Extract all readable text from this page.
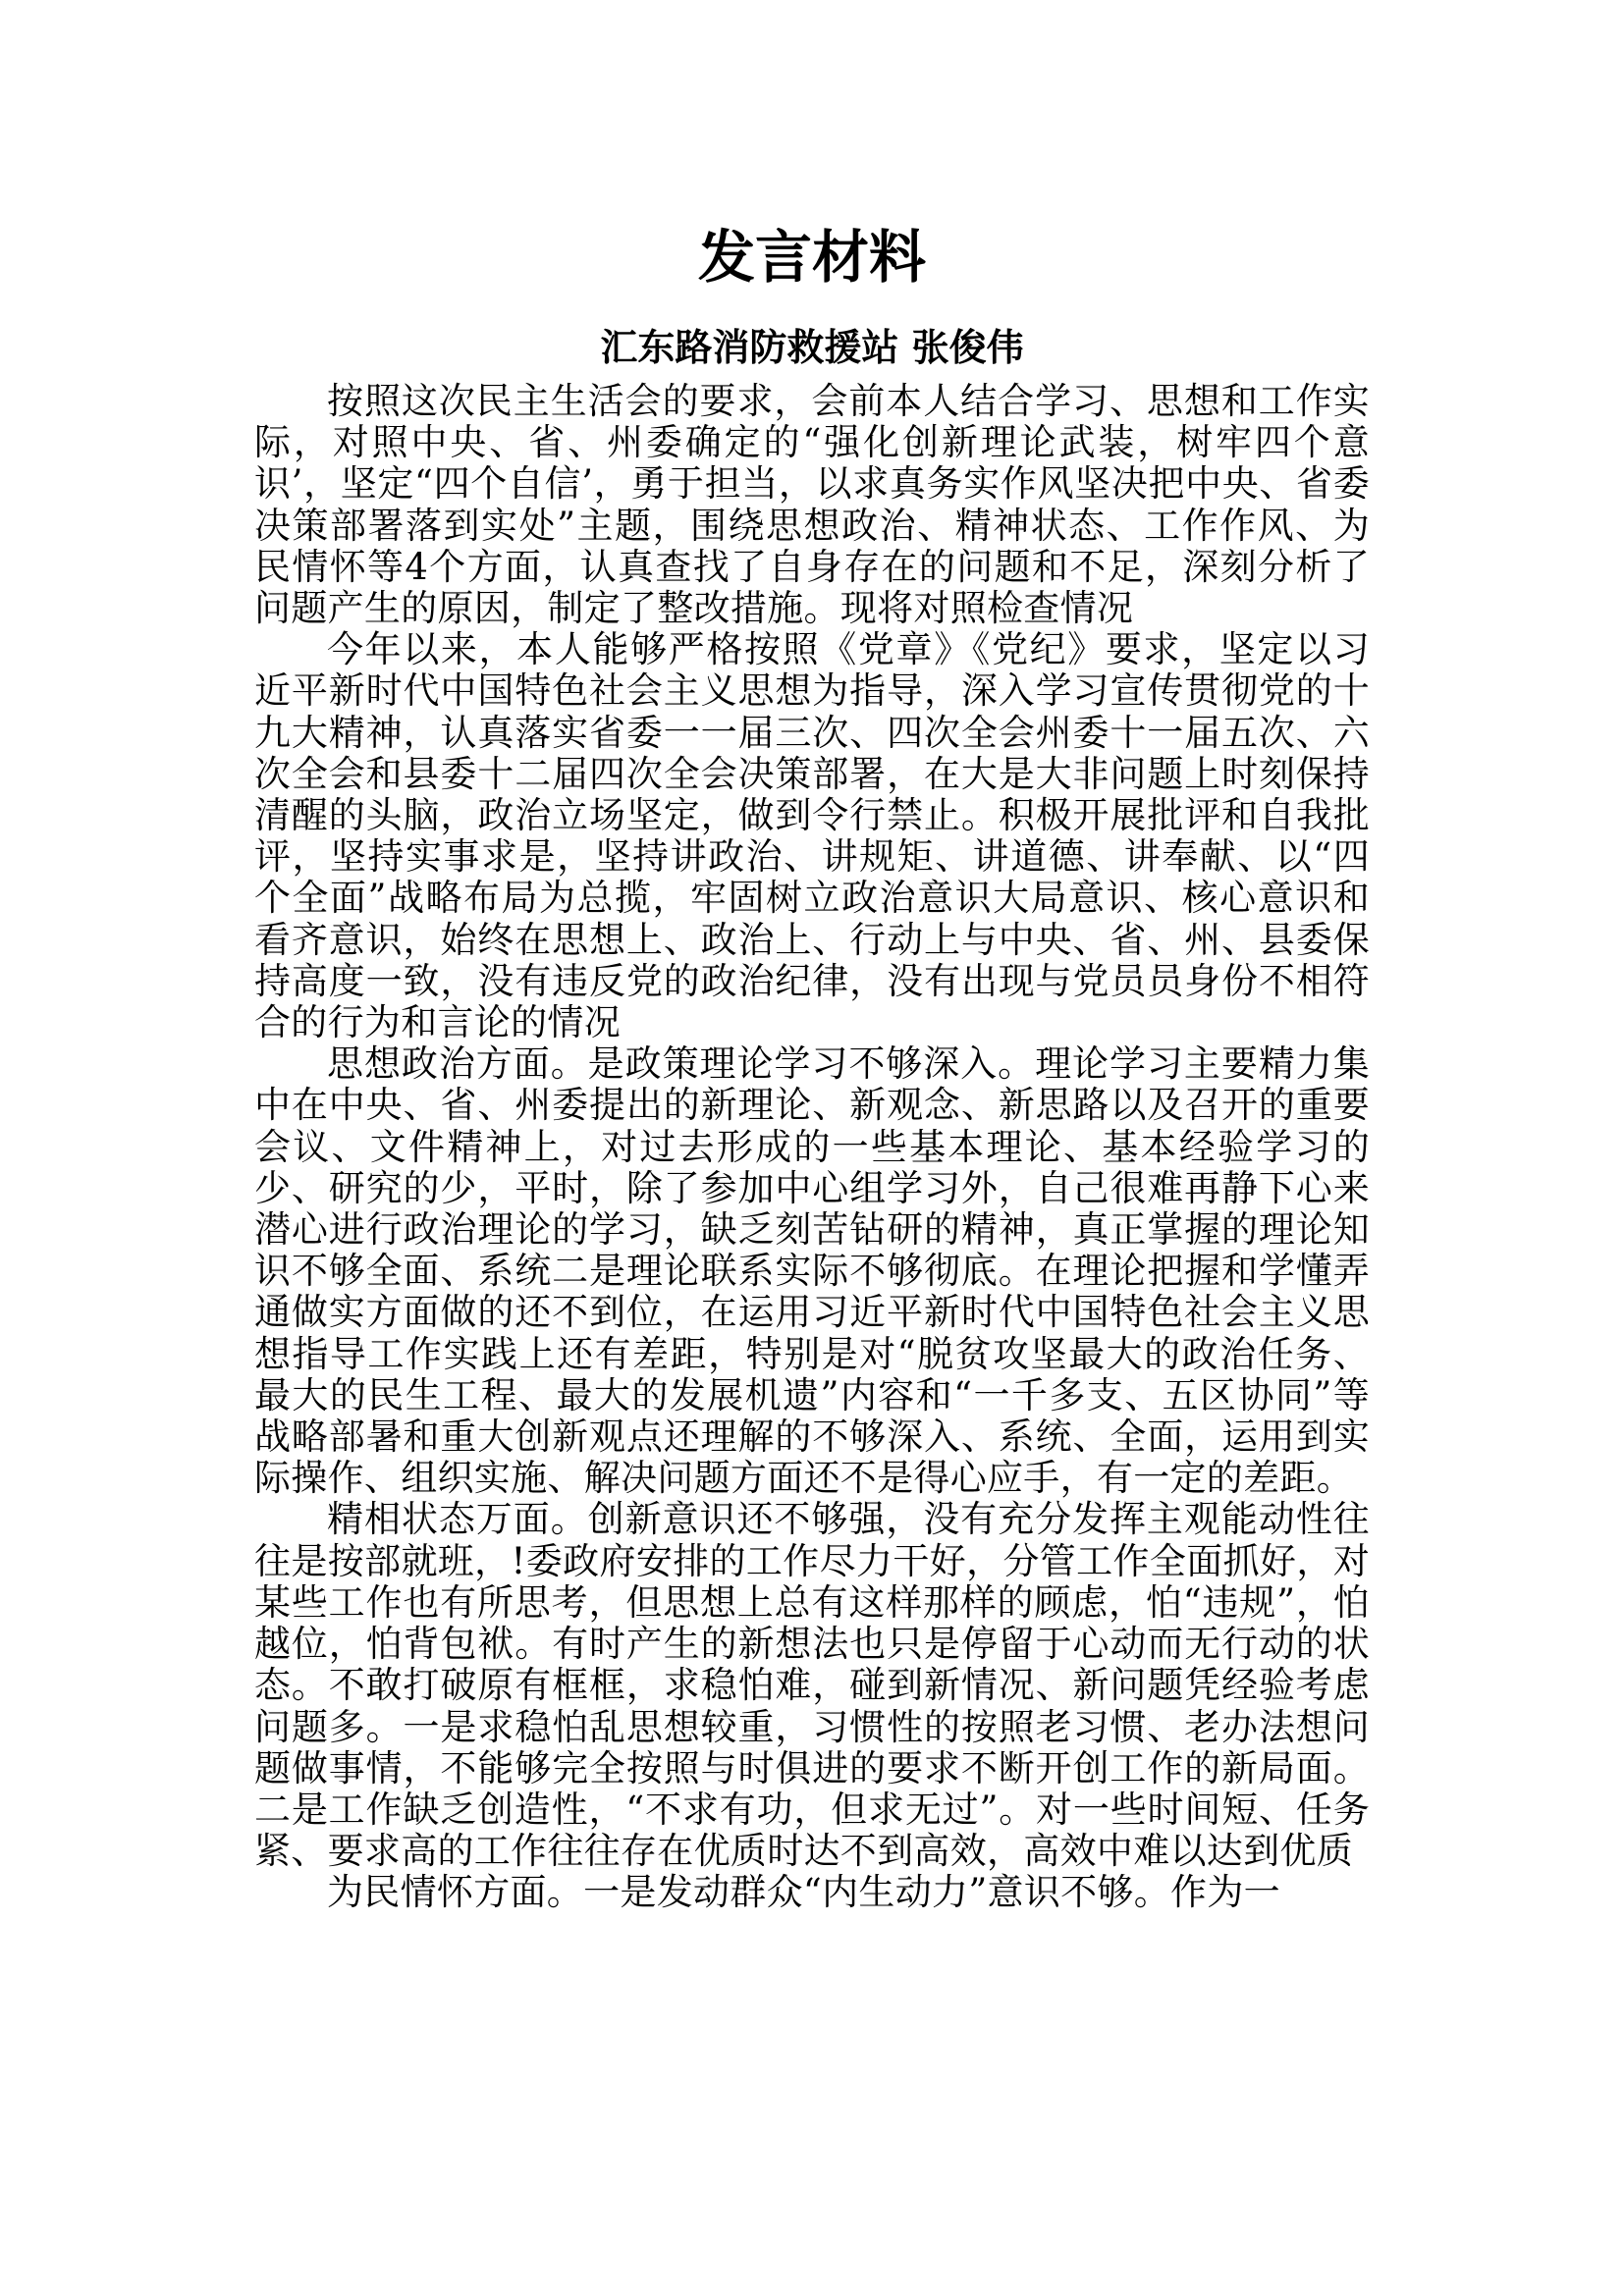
发言材料
汇东路消防救援站 张俊伟

按照这次民主生活会的要求，会前本人结合学习、思想和工作实际，对照中央、省、州委确定的“强化创新理论武装，树牢四个意识’，坚定“四个自信’，勇于担当，以求真务实作风坚决把中央、省委决策部署落到实处”主题，围绕思想政治、精神状态、工作作风、为民情怀等4个方面，认真查找了自身存在的问题和不足，深刻分析了问题产生的原因，制定了整改措施。现将对照检查情况

今年以来，本人能够严格按照《党章》《党纪》要求，坚定以习近平新时代中国特色社会主义思想为指导，深入学习宣传贯彻党的十九大精神，认真落实省委一一届三次、四次全会州委十一届五次、六次全会和县委十二届四次全会决策部署，在大是大非问题上时刻保持清醒的头脑，政治立场坚定，做到令行禁止。积极开展批评和自我批评，坚持实事求是，坚持讲政治、讲规矩、讲道德、讲奉献、以“四个全面”战略布局为总揽，牢固树立政治意识大局意识、核心意识和看齐意识，始终在思想上、政治上、行动上与中央、省、州、县委保持高度一致，没有违反党的政治纪律，没有出现与党员员身份不相符合的行为和言论的情况

思想政治方面。是政策理论学习不够深入。理论学习主要精力集中在中央、省、州委提出的新理论、新观念、新思路以及召开的重要会议、文件精神上，对过去形成的一些基本理论、基本经验学习的少、研究的少，平时，除了参加中心组学习外，自己很难再静下心来潜心进行政治理论的学习，缺乏刻苦钻研的精神，真正掌握的理论知识不够全面、系统二是理论联系实际不够彻底。在理论把握和学懂弄通做实方面做的还不到位，在运用习近平新时代中国特色社会主义思想指导工作实践上还有差距，特别是对“脱贫攻坚最大的政治任务、最大的民生工程、最大的发展机遗”内容和“一千多支、五区协同”等战略部暑和重大创新观点还理解的不够深入、系统、全面，运用到实际操作、组织实施、解决问题方面还不是得心应手，有一定的差距。

精相状态万面。创新意识还不够强，没有充分发挥主观能动性往往是按部就班，!委政府安排的工作尽力干好，分管工作全面抓好，对某些工作也有所思考，但思想上总有这样那样的顾虑，怕“违规”，怕越位，怕背包袱。有时产生的新想法也只是停留于心动而无行动的状态。不敢打破原有框框，求稳怕难，碰到新情况、新问题凭经验考虑问题多。一是求稳怕乱思想较重，习惯性的按照老习惯、老办法想问题做事情，不能够完全按照与时俱进的要求不断开创工作的新局面。二是工作缺乏创造性，“不求有功，但求无过”。对一些时间短、任务紧、要求高的工作往往存在优质时达不到高效，高效中难以达到优质

为民情怀方面。一是发动群众“内生动力”意识不够。作为一
